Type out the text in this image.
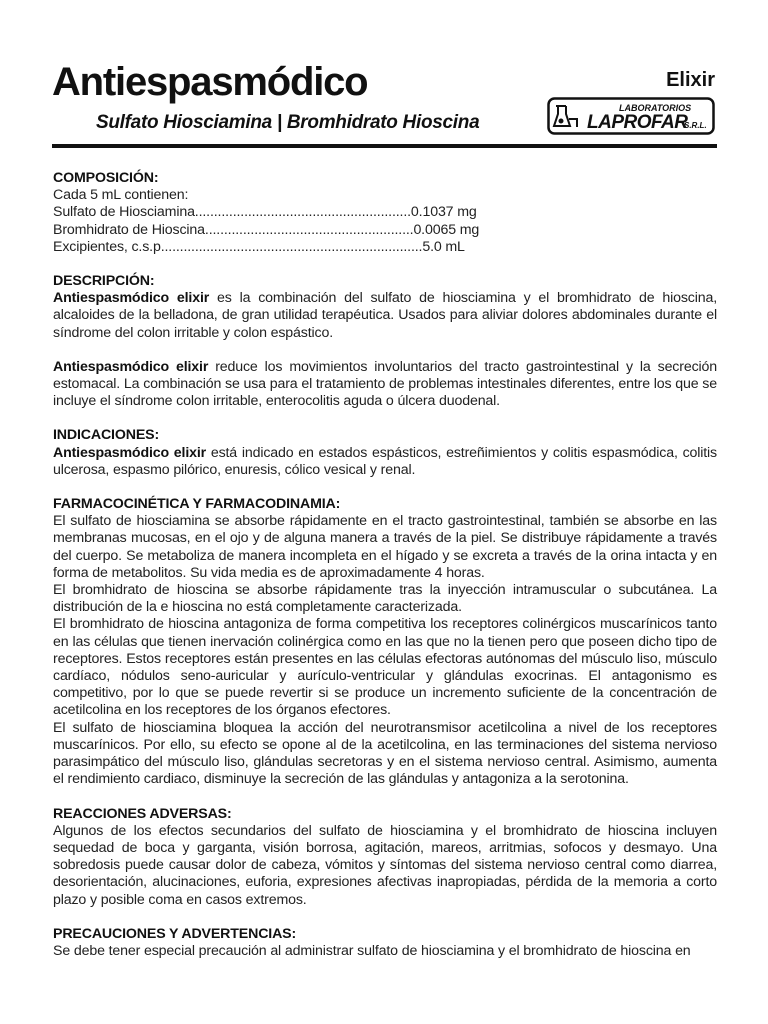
Antiespasmódico
Sulfato Hiosciamina | Bromhidrato Hioscina
Elixir
LABORATORIOS
LAPROFAR
S.R.L.
COMPOSICIÓN:
Cada 5 mL contienen:
Sulfato de Hiosciamina.........................................................0.1037 mg
Bromhidrato de Hioscina.......................................................0.0065 mg
Excipientes, c.s.p.....................................................................5.0 mL
DESCRIPCIÓN:

Antiespasmódico elixir es la combinación del sulfato de hiosciamina y el bromhidrato de hioscina, alcaloides de la belladona, de gran utilidad terapéutica. Usados para aliviar dolores abdominales durante el síndrome del colon irritable y colon espástico.

Antiespasmódico elixir reduce los movimientos involuntarios del tracto gastrointestinal y la secreción estomacal. La combinación se usa para el tratamiento de problemas intestinales diferentes, entre los que se incluye el síndrome colon irritable, enterocolitis aguda o úlcera duodenal.

INDICACIONES:

Antiespasmódico elixir está indicado en estados espásticos, estreñimientos y colitis espasmódica, colitis ulcerosa, espasmo pilórico, enuresis, cólico vesical y renal.

FARMACOCINÉTICA Y FARMACODINAMIA:

El sulfato de hiosciamina se absorbe rápidamente en el tracto gastrointestinal, también se absorbe en las membranas mucosas, en el ojo y de alguna manera a través de la piel. Se distribuye rápidamente a través del cuerpo. Se metaboliza de manera incompleta en el hígado y se excreta a través de la orina intacta y en forma de metabolitos. Su vida media es de aproximadamente 4 horas.

El bromhidrato de hioscina se absorbe rápidamente tras la inyección intramuscular o subcutánea. La distribución de la e hioscina no está completamente caracterizada.

El bromhidrato de hioscina antagoniza de forma competitiva los receptores colinérgicos muscarínicos tanto en las células que tienen inervación colinérgica como en las que no la tienen pero que poseen dicho tipo de receptores. Estos receptores están presentes en las células efectoras autónomas del músculo liso, músculo cardíaco, nódulos seno-auricular y aurículo-ventricular y glándulas exocrinas. El antagonismo es competitivo, por lo que se puede revertir si se produce un incremento suficiente de la concentración de acetilcolina en los receptores de los órganos efectores.

El sulfato de hiosciamina bloquea la acción del neurotransmisor acetilcolina a nivel de los receptores muscarínicos. Por ello, su efecto se opone al de la acetilcolina, en las terminaciones del sistema nervioso parasimpático del músculo liso, glándulas secretoras y en el sistema nervioso central. Asimismo, aumenta el rendimiento cardiaco, disminuye la secreción de las glándulas y antagoniza a la serotonina.

REACCIONES ADVERSAS:

Algunos de los efectos secundarios del sulfato de hiosciamina y el bromhidrato de hioscina incluyen sequedad de boca y garganta, visión borrosa, agitación, mareos, arritmias, sofocos y desmayo. Una sobredosis puede causar dolor de cabeza, vómitos y síntomas del sistema nervioso central como diarrea, desorientación, alucinaciones, euforia, expresiones afectivas inapropiadas, pérdida de la memoria a corto plazo y posible coma en casos extremos.

PRECAUCIONES Y ADVERTENCIAS:

Se debe tener especial precaución al administrar sulfato de hiosciamina y el bromhidrato de hioscina en
